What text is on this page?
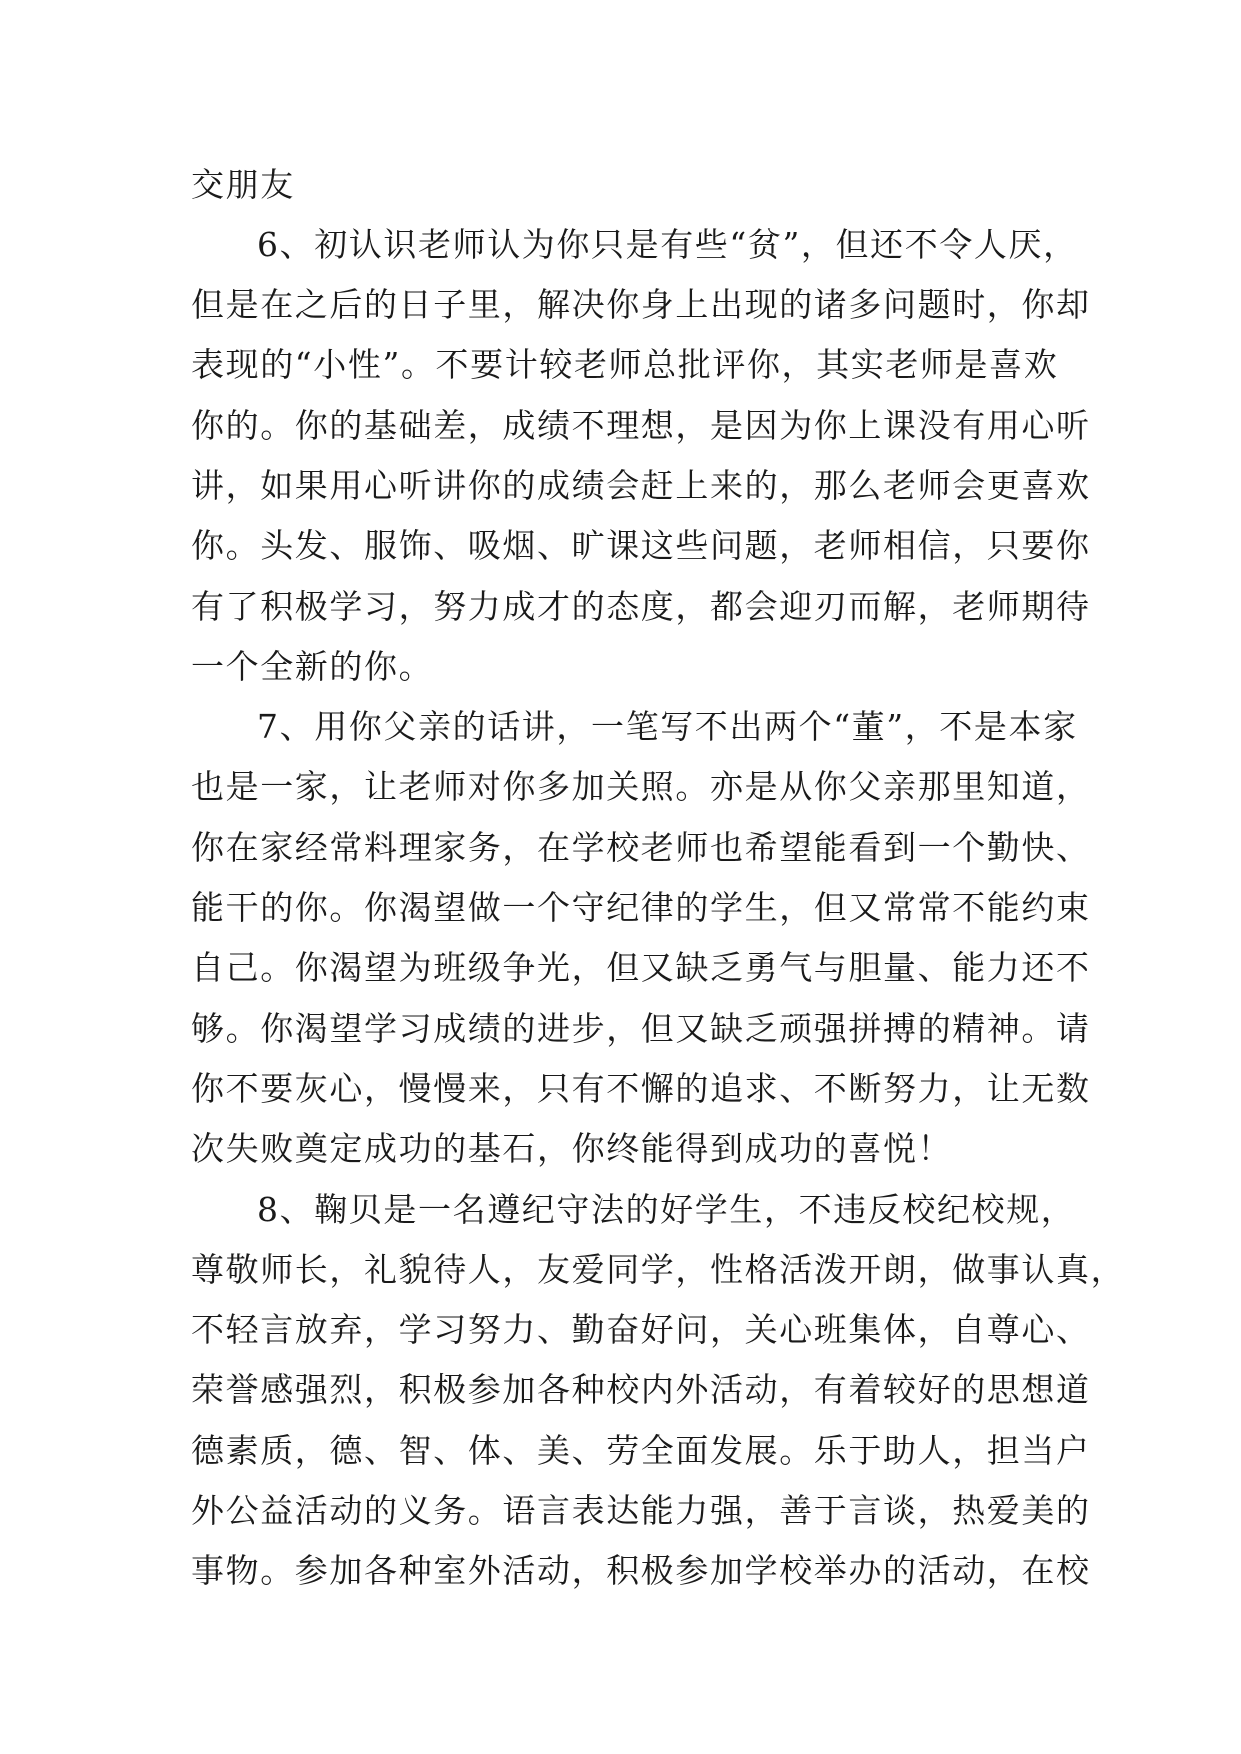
交朋友
6、初认识老师认为你只是有些“贫”，但还不令人厌，
但是在之后的日子里，解决你身上出现的诸多问题时，你却
表现的“小性”。不要计较老师总批评你，其实老师是喜欢
你的。你的基础差，成绩不理想，是因为你上课没有用心听
讲，如果用心听讲你的成绩会赶上来的，那么老师会更喜欢
你。头发、服饰、吸烟、旷课这些问题，老师相信，只要你
有了积极学习，努力成才的态度，都会迎刃而解，老师期待
一个全新的你。
7、用你父亲的话讲，一笔写不出两个“董”，不是本家
也是一家，让老师对你多加关照。亦是从你父亲那里知道，
你在家经常料理家务，在学校老师也希望能看到一个勤快、
能干的你。你渴望做一个守纪律的学生，但又常常不能约束
自己。你渴望为班级争光，但又缺乏勇气与胆量、能力还不
够。你渴望学习成绩的进步，但又缺乏顽强拼搏的精神。请
你不要灰心，慢慢来，只有不懈的追求、不断努力，让无数
次失败奠定成功的基石，你终能得到成功的喜悦！
8、鞠贝是一名遵纪守法的好学生，不违反校纪校规，
尊敬师长，礼貌待人，友爱同学，性格活泼开朗，做事认真，
不轻言放弃，学习努力、勤奋好问，关心班集体，自尊心、
荣誉感强烈，积极参加各种校内外活动，有着较好的思想道
德素质，德、智、体、美、劳全面发展。乐于助人，担当户
外公益活动的义务。语言表达能力强，善于言谈，热爱美的
事物。参加各种室外活动，积极参加学校举办的活动，在校
